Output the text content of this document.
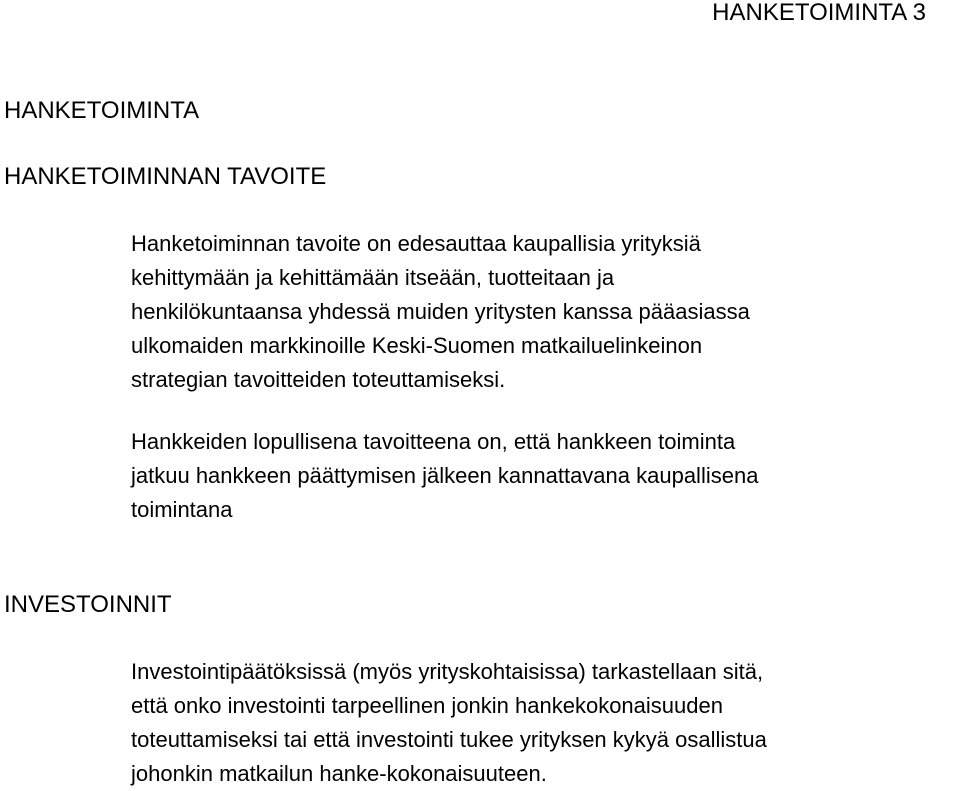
HANKETOIMINTA 3
HANKETOIMINTA
HANKETOIMINNAN TAVOITE
Hanketoiminnan tavoite on edesauttaa kaupallisia yrityksiä
kehittymään ja kehittämään itseään, tuotteitaan ja
henkilökuntaansa yhdessä muiden yritysten kanssa pääasiassa
ulkomaiden markkinoille Keski-Suomen matkailuelinkeinon
strategian tavoitteiden toteuttamiseksi.
Hankkeiden lopullisena tavoitteena on, että hankkeen toiminta
jatkuu hankkeen päättymisen jälkeen kannattavana kaupallisena
toimintana
INVESTOINNIT
Investointipäätöksissä (myös yrityskohtaisissa) tarkastellaan sitä,
että onko investointi tarpeellinen jonkin hankekokonaisuuden
toteuttamiseksi tai että investointi tukee yrityksen kykyä osallistua
johonkin matkailun hanke-kokonaisuuteen.
